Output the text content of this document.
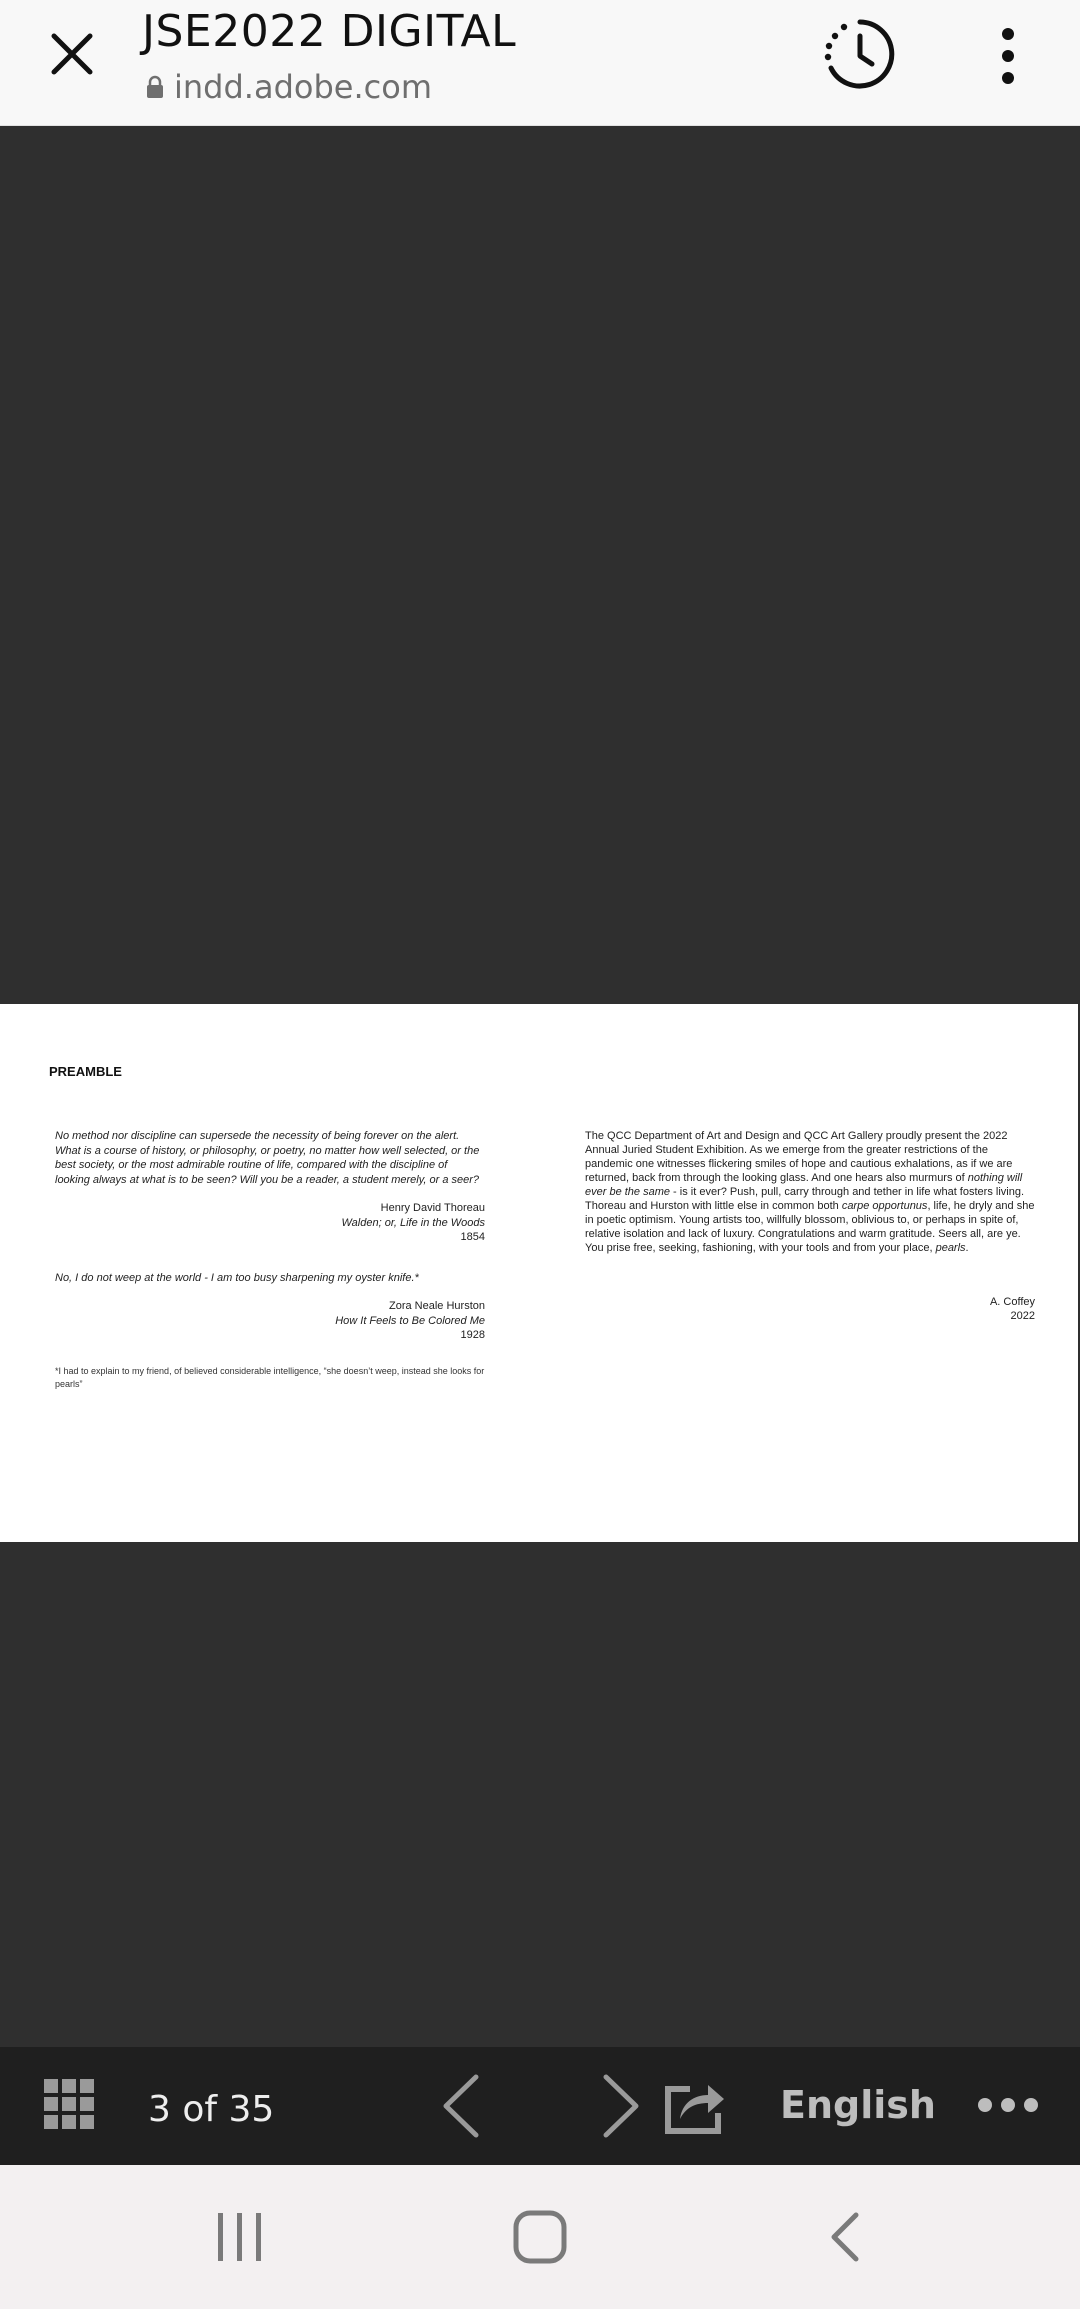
JSE2022 DIGITAL
indd.adobe.com
PREAMBLE

No method nor discipline can supersede the necessity of being forever on the alert. What is a course of history, or philosophy, or poetry, no matter how well selected, or the best society, or the most admirable routine of life, compared with the discipline of looking always at what is to be seen? Will you be a reader, a student merely, or a seer?

Henry David Thoreau
Walden; or, Life in the Woods
1854

No, I do not weep at the world - I am too busy sharpening my oyster knife.*

Zora Neale Hurston
How It Feels to Be Colored Me
1928

*I had to explain to my friend, of believed considerable intelligence, “she doesn’t weep, instead she looks for pearls”

The QCC Department of Art and Design and QCC Art Gallery proudly present the 2022 Annual Juried Student Exhibition. As we emerge from the greater restrictions of the pandemic one witnesses flickering smiles of hope and cautious exhalations, as if we are returned, back from through the looking glass. And one hears also murmurs of nothing will ever be the same - is it ever? Push, pull, carry through and tether in life what fosters living. Thoreau and Hurston with little else in common both carpe opportunus, life, he dryly and she in poetic optimism. Young artists too, willfully blossom, oblivious to, or perhaps in spite of, relative isolation and lack of luxury. Congratulations and warm gratitude. Seers all, are ye. You prise free, seeking, fashioning, with your tools and from your place, pearls.

A. Coffey
2022
3 of 35	English
